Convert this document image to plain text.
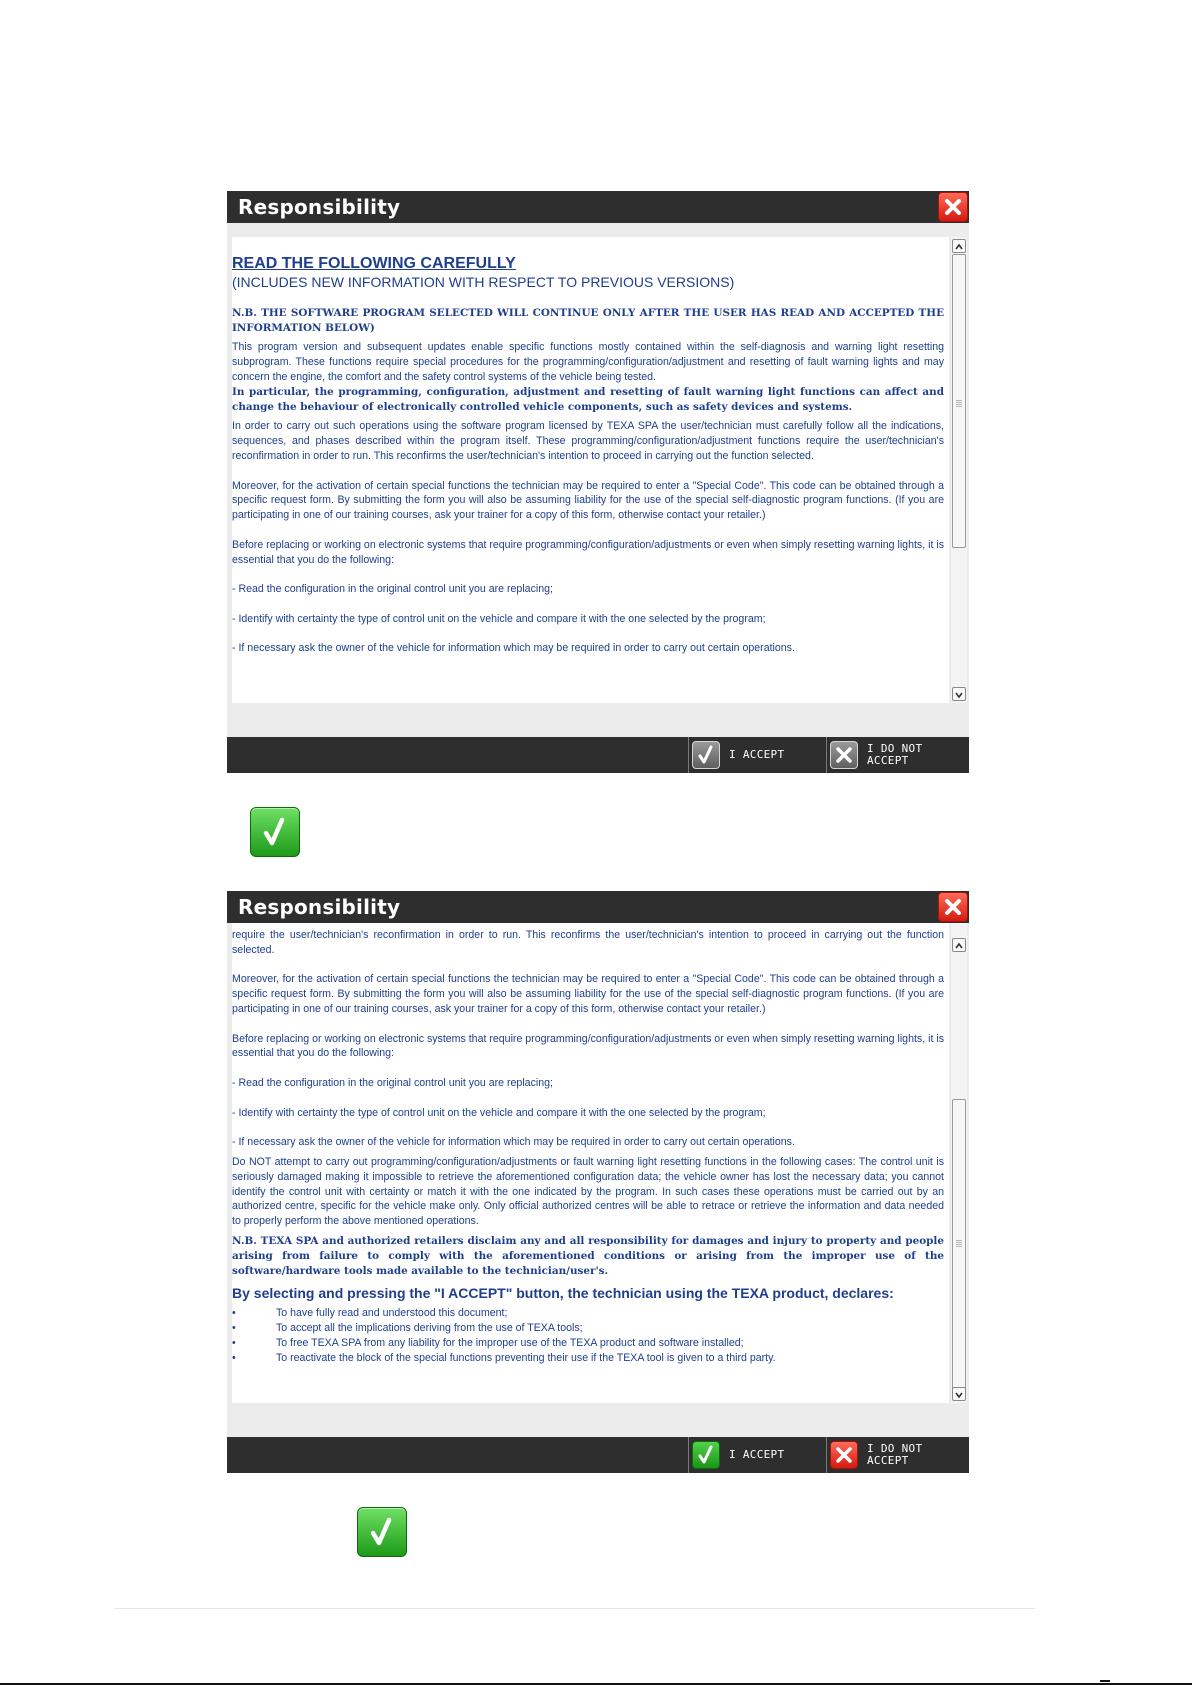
Responsibility

READ THE FOLLOWING CAREFULLY

(INCLUDES NEW INFORMATION WITH RESPECT TO PREVIOUS VERSIONS)

N.B. THE SOFTWARE PROGRAM SELECTED WILL CONTINUE ONLY AFTER THE USER HAS READ AND ACCEPTED THE INFORMATION BELOW)

This program version and subsequent updates enable specific functions mostly contained within the self-diagnosis and warning light resetting subprogram. These functions require special procedures for the programming/configuration/adjustment and resetting of fault warning lights and may concern the engine, the comfort and the safety control systems of the vehicle being tested.

In particular, the programming, configuration, adjustment and resetting of fault warning light functions can affect and change the behaviour of electronically controlled vehicle components, such as safety devices and systems.

In order to carry out such operations using the software program licensed by TEXA SPA the user/technician must carefully follow all the indications, sequences, and phases described within the program itself. These programming/configuration/adjustment functions require the user/technician's reconfirmation in order to run. This reconfirms the user/technician's intention to proceed in carrying out the function selected.

Moreover, for the activation of certain special functions the technician may be required to enter a "Special Code". This code can be obtained through a specific request form. By submitting the form you will also be assuming liability for the use of the special self-diagnostic program functions. (If you are participating in one of our training courses, ask your trainer for a copy of this form, otherwise contact your retailer.)

Before replacing or working on electronic systems that require programming/configuration/adjustments or even when simply resetting warning lights, it is essential that you do the following:

- Read the configuration in the original control unit you are replacing;

- Identify with certainty the type of control unit on the vehicle and compare it with the one selected by the program;

- If necessary ask the owner of the vehicle for information which may be required in order to carry out certain operations.

I ACCEPT	I DO NOT
ACCEPT
Responsibility

require the user/technician's reconfirmation in order to run. This reconfirms the user/technician's intention to proceed in carrying out the function selected.

Moreover, for the activation of certain special functions the technician may be required to enter a "Special Code". This code can be obtained through a specific request form. By submitting the form you will also be assuming liability for the use of the special self-diagnostic program functions. (If you are participating in one of our training courses, ask your trainer for a copy of this form, otherwise contact your retailer.)

Before replacing or working on electronic systems that require programming/configuration/adjustments or even when simply resetting warning lights, it is essential that you do the following:

- Read the configuration in the original control unit you are replacing;

- Identify with certainty the type of control unit on the vehicle and compare it with the one selected by the program;

- If necessary ask the owner of the vehicle for information which may be required in order to carry out certain operations.

Do NOT attempt to carry out programming/configuration/adjustments or fault warning light resetting functions in the following cases: The control unit is seriously damaged making it impossible to retrieve the aforementioned configuration data; the vehicle owner has lost the necessary data; you cannot identify the control unit with certainty or match it with the one indicated by the program. In such cases these operations must be carried out by an authorized centre, specific for the vehicle make only. Only official authorized centres will be able to retrace or retrieve the information and data needed to properly perform the above mentioned operations.

N.B. TEXA SPA and authorized retailers disclaim any and all responsibility for damages and injury to property and people arising from failure to comply with the aforementioned conditions or arising from the improper use of the software/hardware tools made available to the technician/user's.

By selecting and pressing the "I ACCEPT" button, the technician using the TEXA product, declares:

•	To have fully read and understood this document;
•	To accept all the implications deriving from the use of TEXA tools;
•	To free TEXA SPA from any liability for the improper use of the TEXA product and software installed;
•	To reactivate the block of the special functions preventing their use if the TEXA tool is given to a third party.
I ACCEPT	I DO NOT
ACCEPT
